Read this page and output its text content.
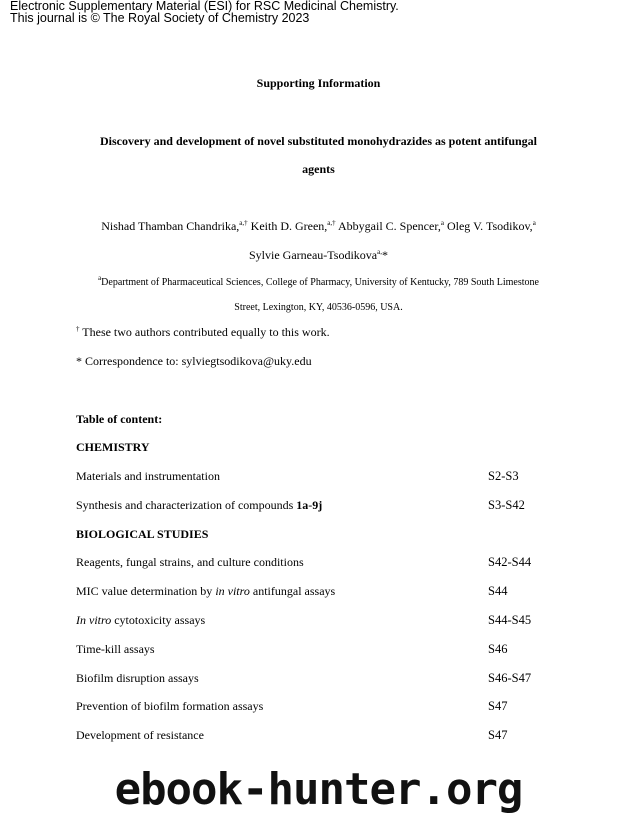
Electronic Supplementary Material (ESI) for RSC Medicinal Chemistry.
This journal is © The Royal Society of Chemistry 2023
Supporting Information
Discovery and development of novel substituted monohydrazides as potent antifungal
agents
Nishad Thamban Chandrika,$^{a,\dagger}$ Keith D. Green,$^{a,\dagger}$ Abbygail C. Spencer,$^a$ Oleg V. Tsodikov,$^a$
Sylvie Garneau-Tsodikova$^{a,}$*
$^a$Department of Pharmaceutical Sciences, College of Pharmacy, University of Kentucky, 789 South Limestone
Street, Lexington, KY, 40536-0596, USA.
† These two authors contributed equally to this work.
* Correspondence to: sylviegtsodikova@uky.edu
Table of content:
CHEMISTRY
Materials and instrumentation	S2-S3
Synthesis and characterization of compounds 1a-9j	S3-S42
BIOLOGICAL STUDIES
Reagents, fungal strains, and culture conditions	S42-S44
MIC value determination by in vitro antifungal assays	S44
In vitro cytotoxicity assays	S44-S45
Time-kill assays	S46
Biofilm disruption assays	S46-S47
Prevention of biofilm formation assays	S47
Development of resistance	S47
ebook-hunter.org
